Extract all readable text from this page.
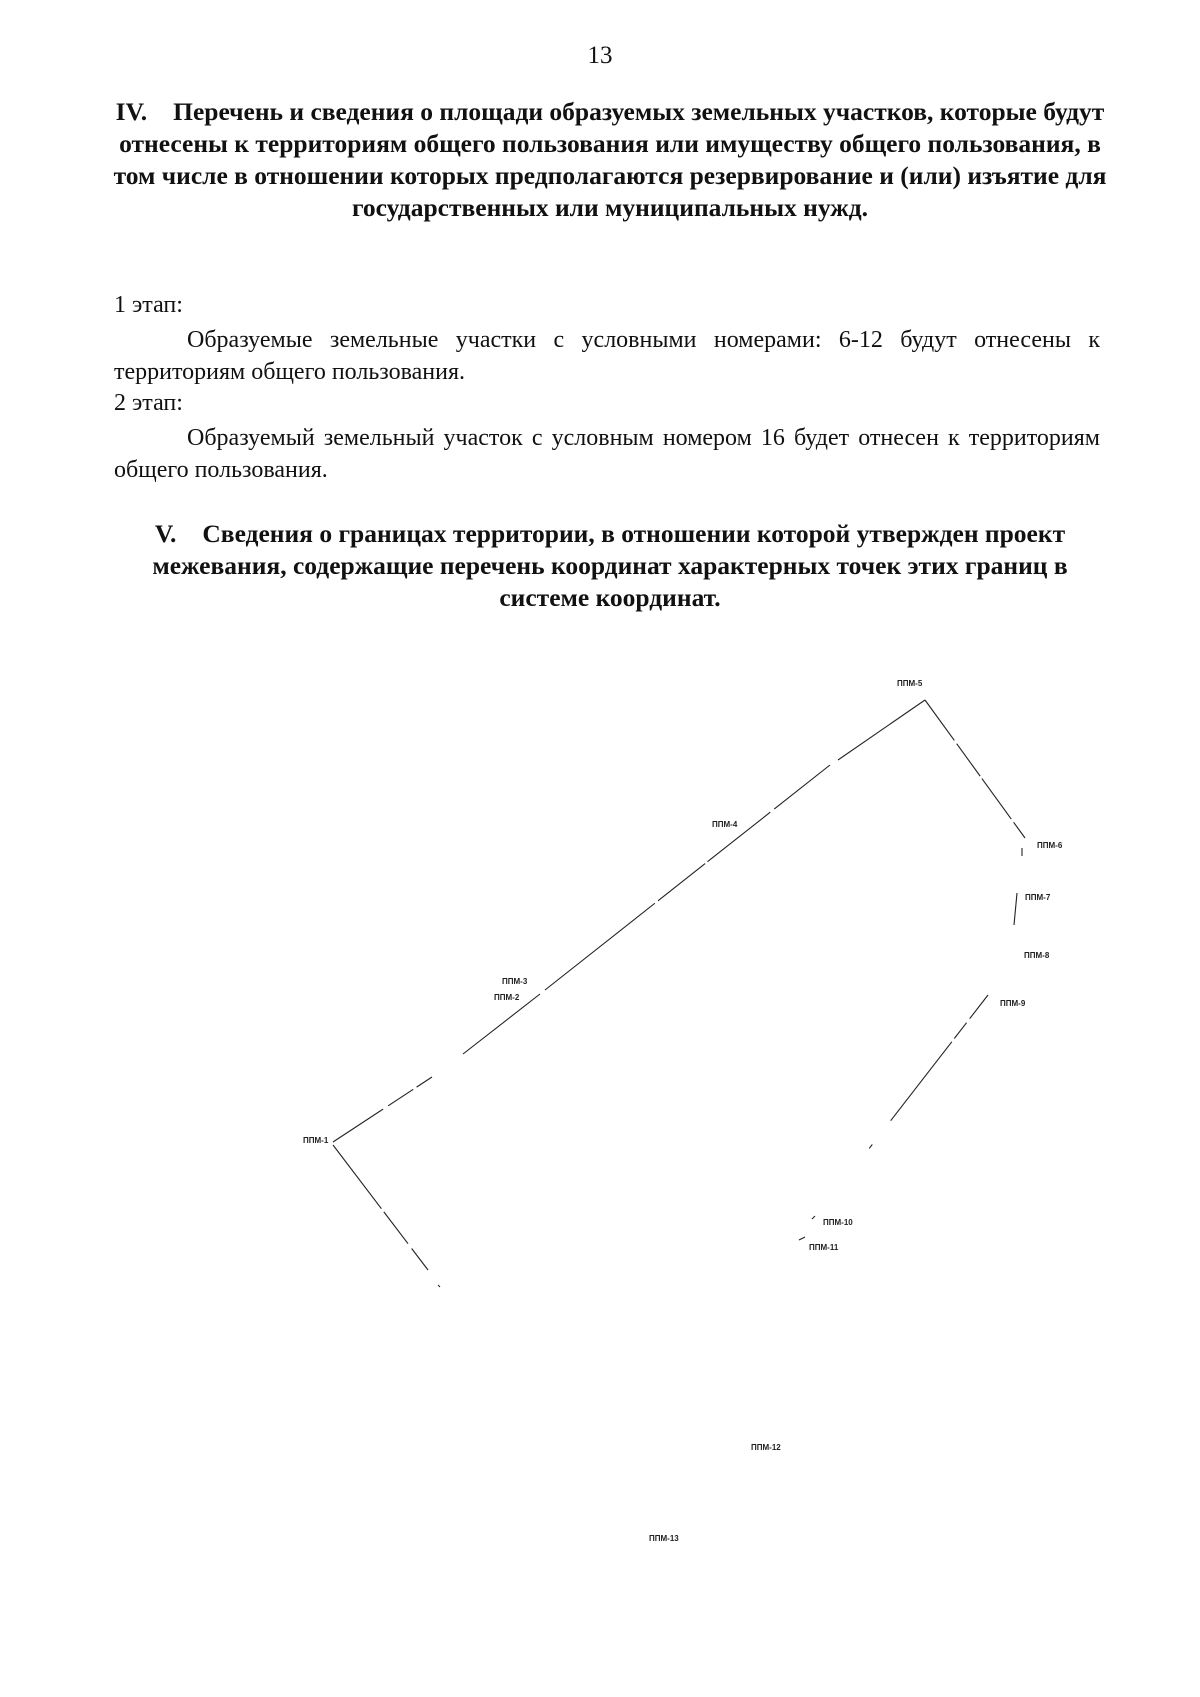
13
IV. Перечень и сведения о площади образуемых земельных участков, которые будут отнесены к территориям общего пользования или имуществу общего пользования, в том числе в отношении которых предполагаются резервирование и (или) изъятие для государственных или муниципальных нужд.

1 этап:

Образуемые земельные участки с условными номерами: 6-12 будут отнесены к территориям общего пользования.

2 этап:

Образуемый земельный участок с условным номером 16 будет отнесен к территориям общего пользования.

V. Сведения о границах территории, в отношении которой утвержден проект межевания, содержащие перечень координат характерных точек этих границ в системе координат.
ППМ-1
ППМ-2
ППМ-3
ППМ-4
ППМ-5
ППМ-6
ППМ-7
ППМ-8
ППМ-9
ППМ-10
ППМ-11
ППМ-12
ППМ-13
